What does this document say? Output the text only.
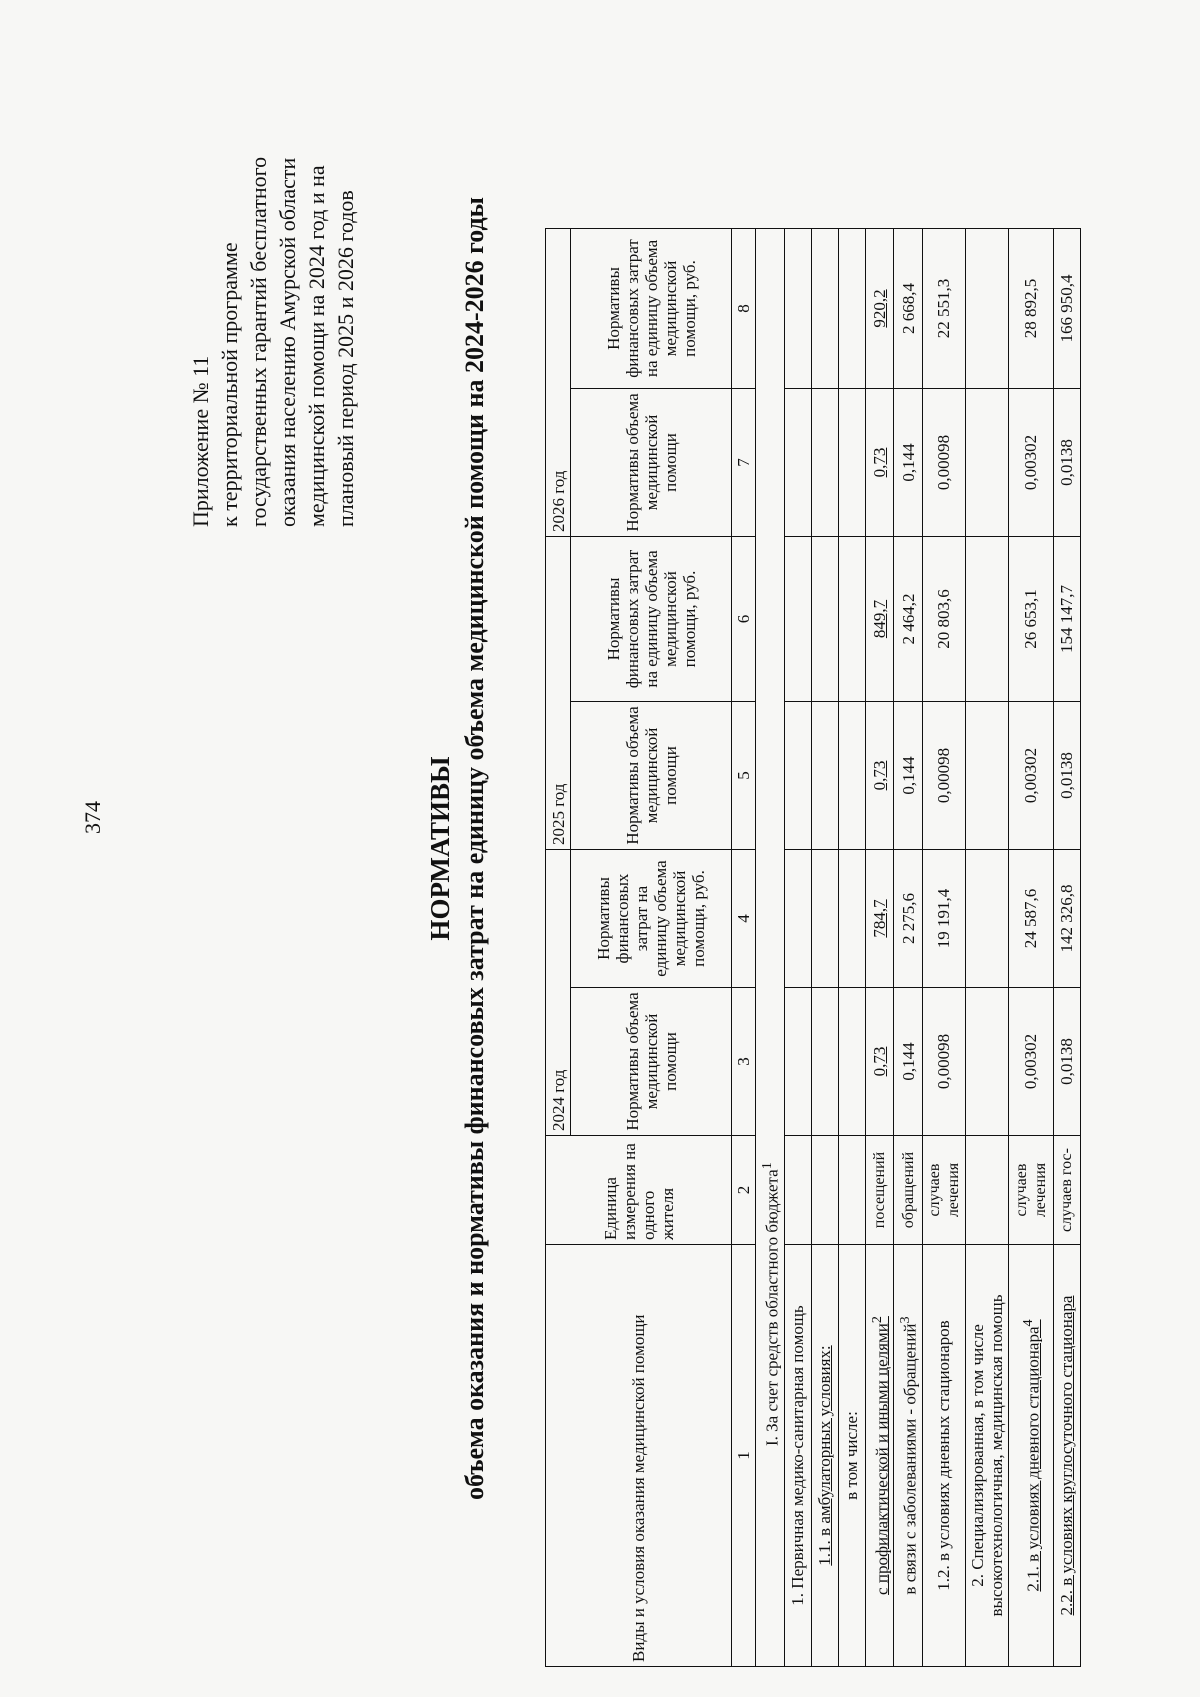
374
Приложение № 11 к территориальной программе государственных гарантий бесплатного оказания населению Амурской области медицинской помощи на 2024 год и на плановый период 2025 и 2026 годов
НОРМАТИВЫ объема оказания и нормативы финансовых затрат на единицу объема медицинской помощи на 2024-2026 годы	Виды и условия оказания медицинской помощи	Единица измерения на одного жителя	2024 год		2025 год		2026 год	
		Нормативы объема медицинской помощи	Нормативы финансовых затрат на единицу объема медицинской помощи, руб.	Нормативы объема медицинской помощи	Нормативы финансовых затрат на единицу объема медицинской помощи, руб.	Нормативы объема медицинской помощи	Нормативы финансовых затрат на единицу объема медицинской помощи, руб.
1	2	3	4	5	6	7	8
I. За счет средств областного бюджета$^1$
1. Первичная медико-санитарная помощь							
1.1. в амбулаторных условиях:							
в том числе:							
с профилактической и иными целями$^2$	посещений	0,73	784,7	0,73	849,7	0,73	920,2
в связи с заболеваниями - обращений$^3$	обращений	0,144	2 275,6	0,144	2 464,2	0,144	2 668,4
1.2. в условиях дневных стационаров	случаев лечения	0,00098	19 191,4	0,00098	20 803,6	0,00098	22 551,3
2. Специализированная, в том числе высокотехнологичная, медицинская помощь							
2.1. в условиях дневного стационара$^4$	случаев лечения	0,00302	24 587,6	0,00302	26 653,1	0,00302	28 892,5
2.2. в условиях круглосуточного стационара	случаев гос-	0,0138	142 326,8	0,0138	154 147,7	0,0138	166 950,4
